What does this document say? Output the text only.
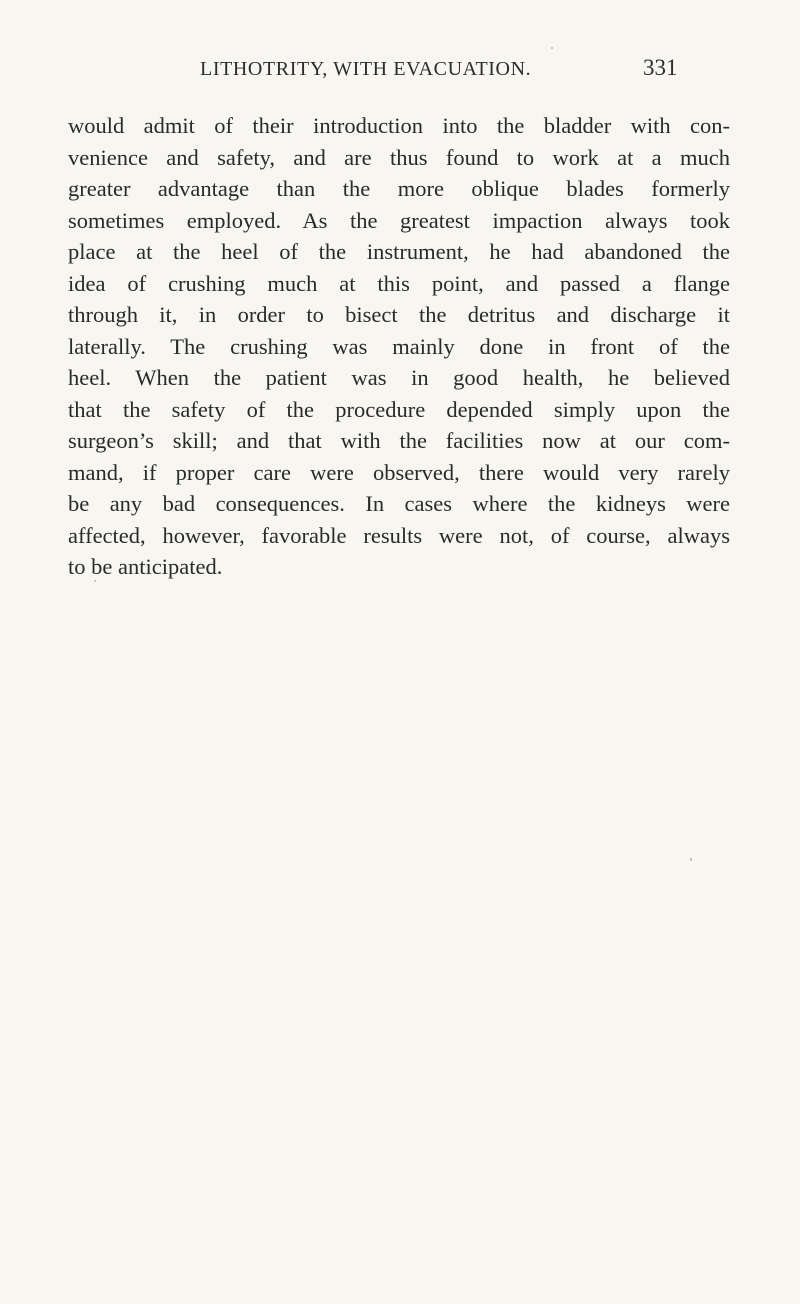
LITHOTRITY, WITH EVACUATION.	331
would admit of their introduction into the bladder with con-
venience and safety, and are thus found to work at a much
greater advantage than the more oblique blades formerly
sometimes employed. As the greatest impaction always took
place at the heel of the instrument, he had abandoned the
idea of crushing much at this point, and passed a flange
through it, in order to bisect the detritus and discharge it
laterally. The crushing was mainly done in front of the
heel. When the patient was in good health, he believed
that the safety of the procedure depended simply upon the
surgeon’s skill; and that with the facilities now at our com-
mand, if proper care were observed, there would very rarely
be any bad consequences. In cases where the kidneys were
affected, however, favorable results were not, of course, always
to be anticipated.
